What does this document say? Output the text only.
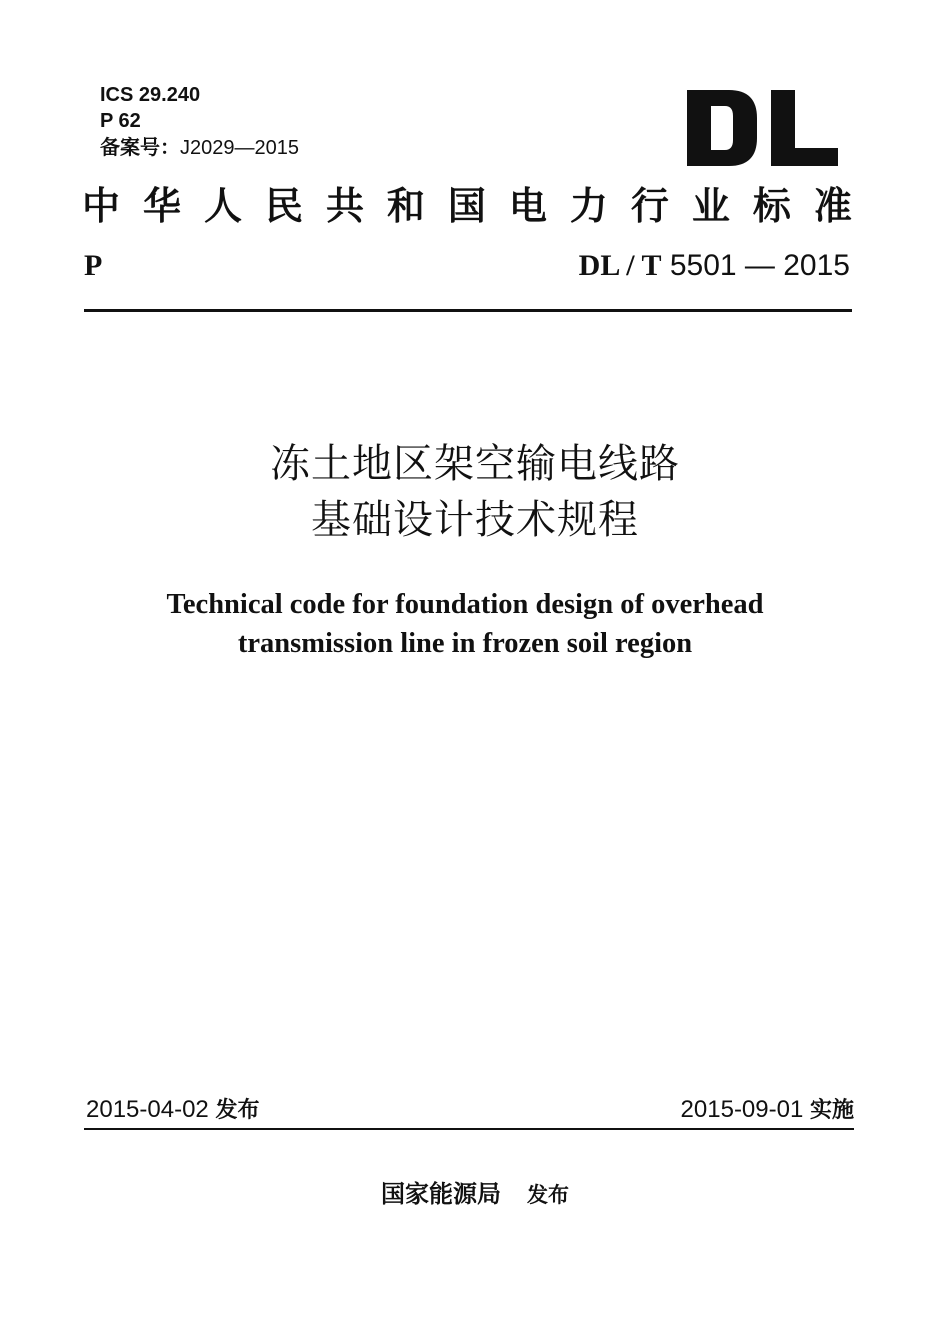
ICS 29.240
P 62
备案号：J2029—2015
中 华 人 民 共 和 国 电 力 行 业 标 准
P	DL / T 5501 — 2015
冻土地区架空输电线路
基础设计技术规程
Technical code for foundation design of overhead
transmission line in frozen soil region
2015-04-02 发布	2015-09-01 实施
国家能源局 发布
